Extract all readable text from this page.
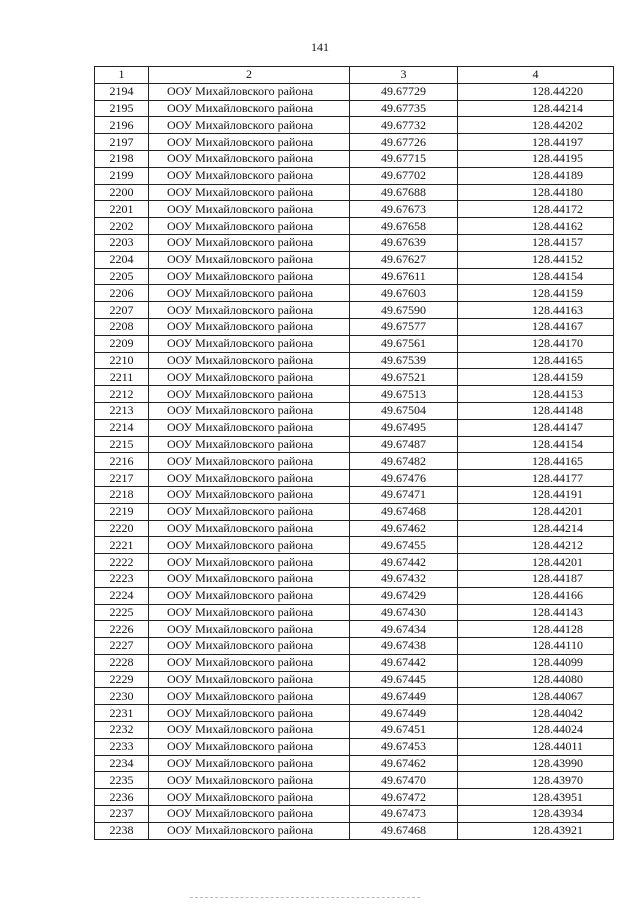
141
1	2	3	4
2194	ООУ Михайловского района	49.67729	128.44220
2195	ООУ Михайловского района	49.67735	128.44214
2196	ООУ Михайловского района	49.67732	128.44202
2197	ООУ Михайловского района	49.67726	128.44197
2198	ООУ Михайловского района	49.67715	128.44195
2199	ООУ Михайловского района	49.67702	128.44189
2200	ООУ Михайловского района	49.67688	128.44180
2201	ООУ Михайловского района	49.67673	128.44172
2202	ООУ Михайловского района	49.67658	128.44162
2203	ООУ Михайловского района	49.67639	128.44157
2204	ООУ Михайловского района	49.67627	128.44152
2205	ООУ Михайловского района	49.67611	128.44154
2206	ООУ Михайловского района	49.67603	128.44159
2207	ООУ Михайловского района	49.67590	128.44163
2208	ООУ Михайловского района	49.67577	128.44167
2209	ООУ Михайловского района	49.67561	128.44170
2210	ООУ Михайловского района	49.67539	128.44165
2211	ООУ Михайловского района	49.67521	128.44159
2212	ООУ Михайловского района	49.67513	128.44153
2213	ООУ Михайловского района	49.67504	128.44148
2214	ООУ Михайловского района	49.67495	128.44147
2215	ООУ Михайловского района	49.67487	128.44154
2216	ООУ Михайловского района	49.67482	128.44165
2217	ООУ Михайловского района	49.67476	128.44177
2218	ООУ Михайловского района	49.67471	128.44191
2219	ООУ Михайловского района	49.67468	128.44201
2220	ООУ Михайловского района	49.67462	128.44214
2221	ООУ Михайловского района	49.67455	128.44212
2222	ООУ Михайловского района	49.67442	128.44201
2223	ООУ Михайловского района	49.67432	128.44187
2224	ООУ Михайловского района	49.67429	128.44166
2225	ООУ Михайловского района	49.67430	128.44143
2226	ООУ Михайловского района	49.67434	128.44128
2227	ООУ Михайловского района	49.67438	128.44110
2228	ООУ Михайловского района	49.67442	128.44099
2229	ООУ Михайловского района	49.67445	128.44080
2230	ООУ Михайловского района	49.67449	128.44067
2231	ООУ Михайловского района	49.67449	128.44042
2232	ООУ Михайловского района	49.67451	128.44024
2233	ООУ Михайловского района	49.67453	128.44011
2234	ООУ Михайловского района	49.67462	128.43990
2235	ООУ Михайловского района	49.67470	128.43970
2236	ООУ Михайловского района	49.67472	128.43951
2237	ООУ Михайловского района	49.67473	128.43934
2238	ООУ Михайловского района	49.67468	128.43921
